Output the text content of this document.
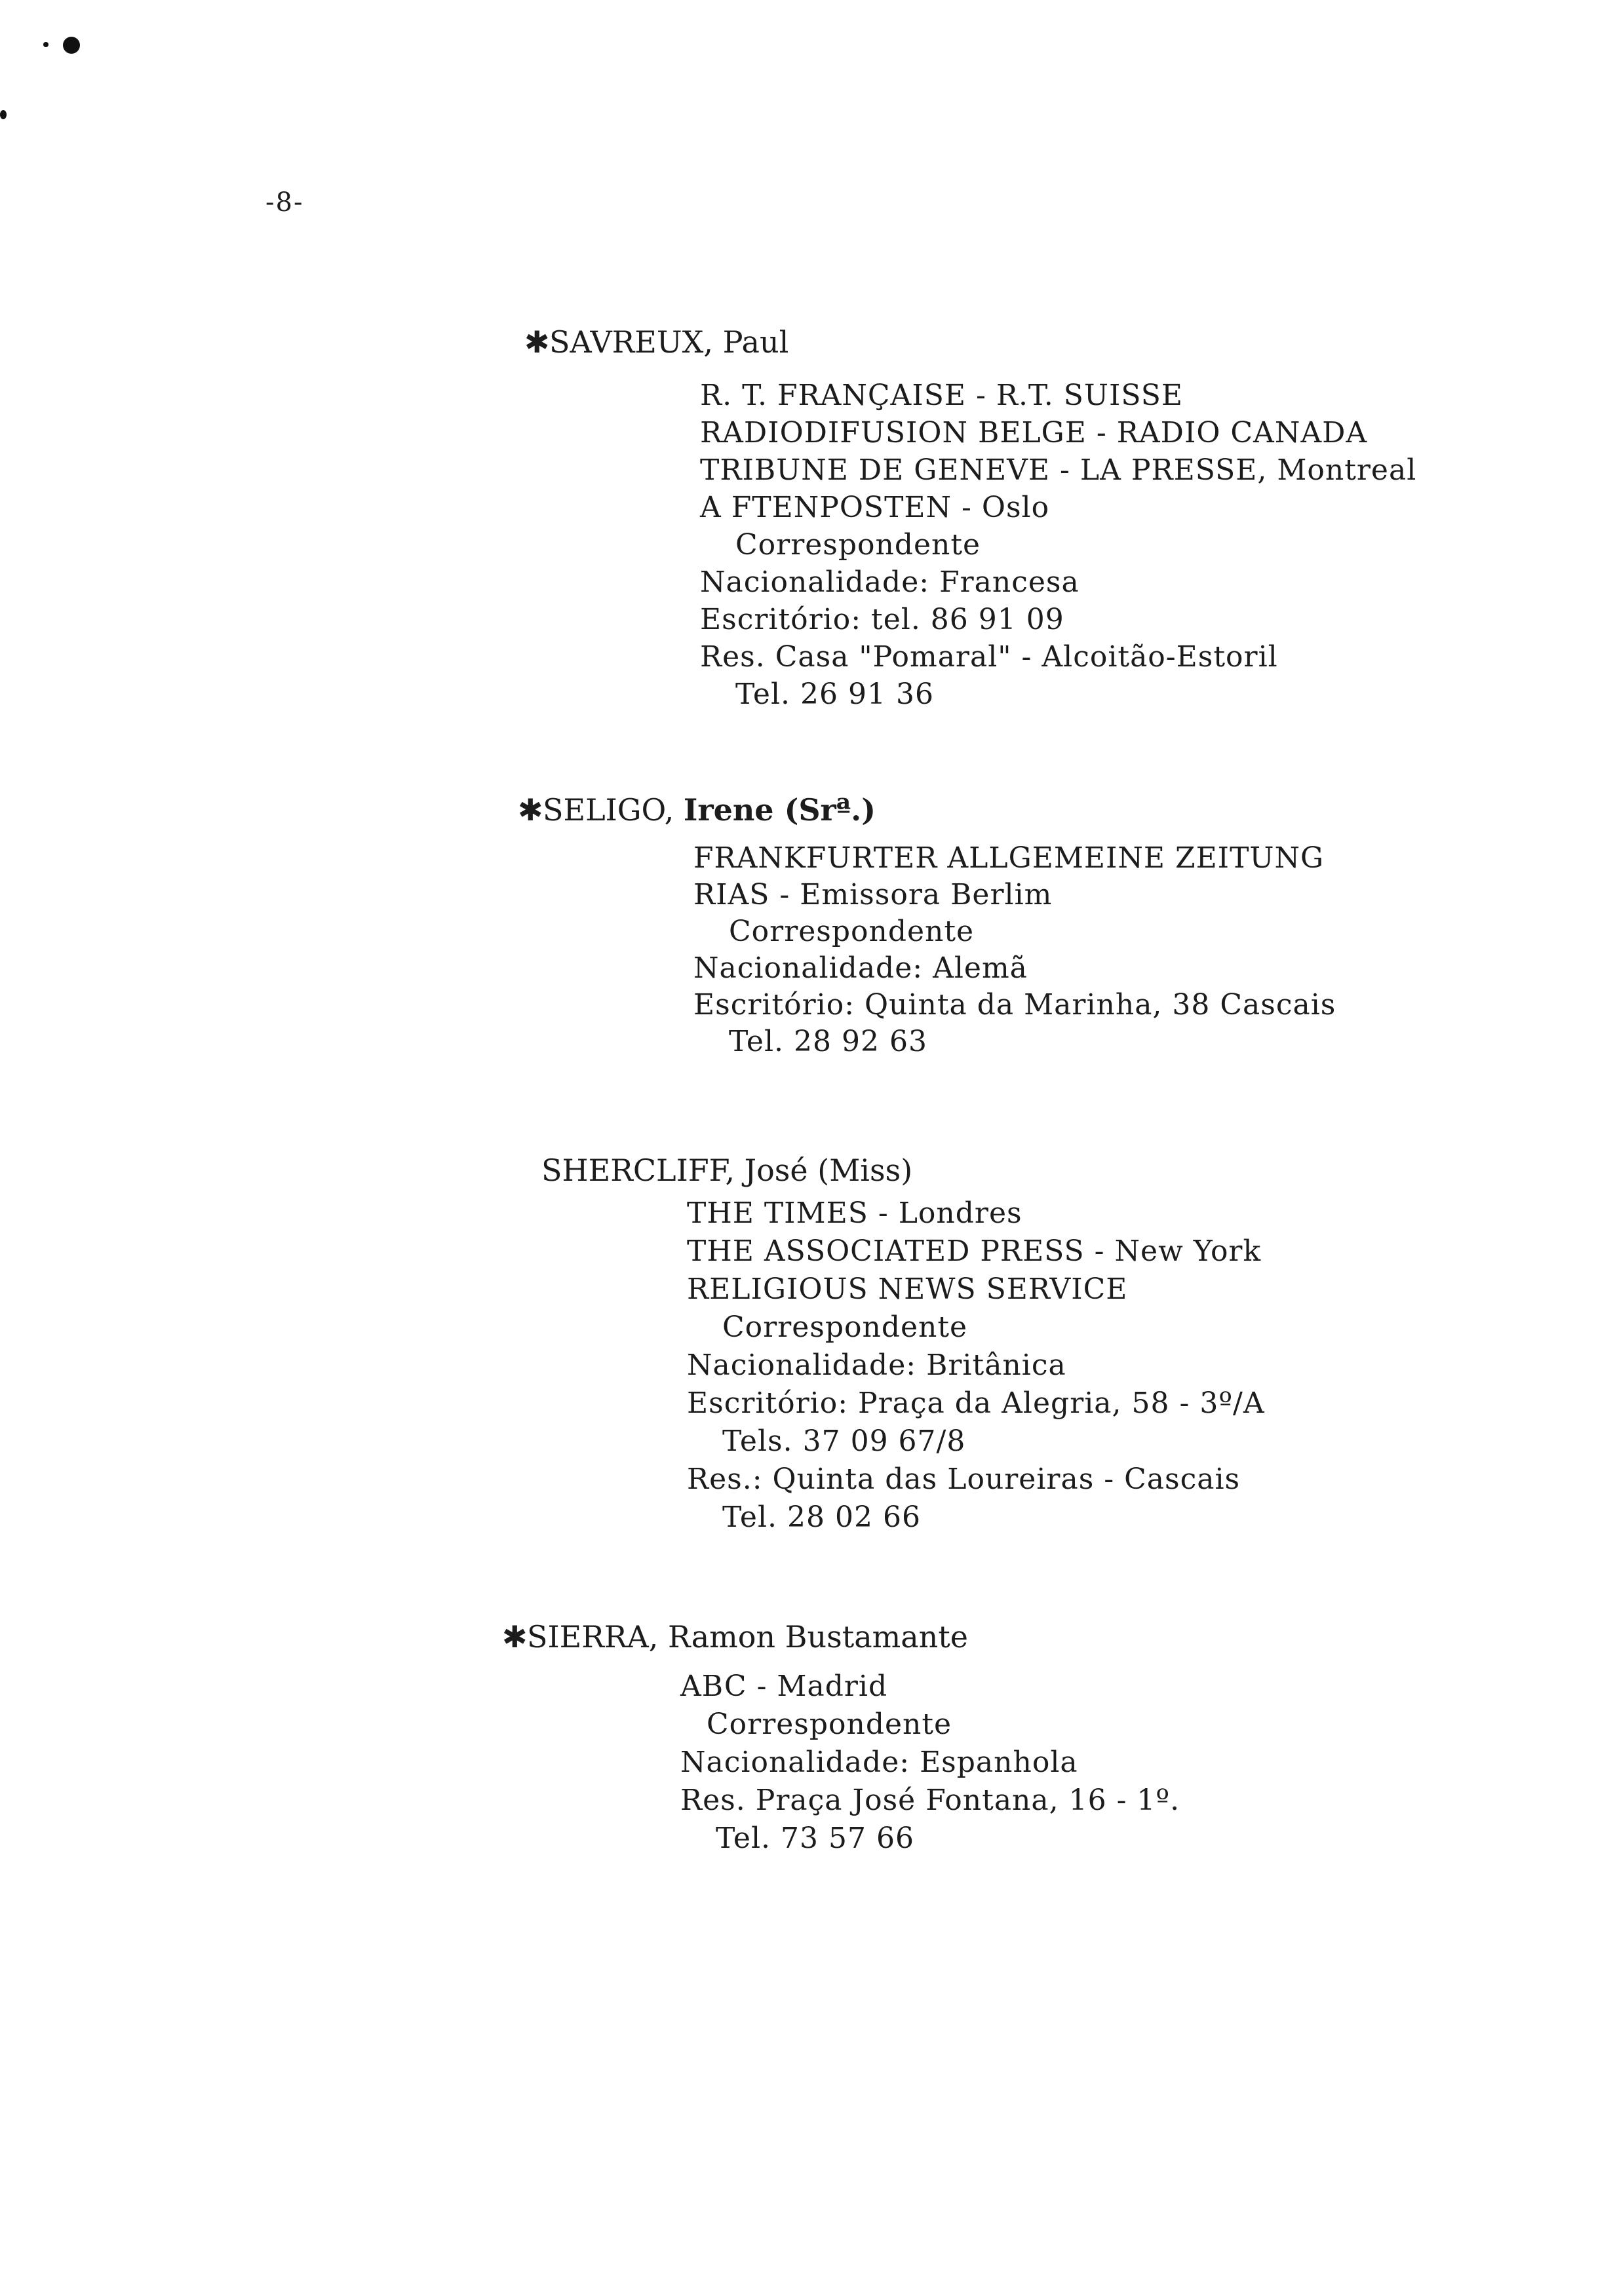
-8-
✱SAVREUX, Paul
R. T. FRANÇAISE - R.T. SUISSE
RADIODIFUSION BELGE - RADIO CANADA
TRIBUNE DE GENEVE - LA PRESSE, Montreal
A FTENPOSTEN - Oslo
Correspondente
Nacionalidade: Francesa
Escritório: tel. 86 91 09
Res. Casa "Pomaral" - Alcoitão-Estoril
Tel. 26 91 36
✱SELIGO, Irene (Srª.)
FRANKFURTER ALLGEMEINE ZEITUNG
RIAS - Emissora Berlim
Correspondente
Nacionalidade: Alemã
Escritório: Quinta da Marinha, 38 Cascais
Tel. 28 92 63
SHERCLIFF, José (Miss)
THE TIMES - Londres
THE ASSOCIATED PRESS - New York
RELIGIOUS NEWS SERVICE
Correspondente
Nacionalidade: Britânica
Escritório: Praça da Alegria, 58 - 3º/A
Tels. 37 09 67/8
Res.: Quinta das Loureiras - Cascais
Tel. 28 02 66
✱SIERRA, Ramon Bustamante
ABC - Madrid
Correspondente
Nacionalidade: Espanhola
Res. Praça José Fontana, 16 - 1º.
Tel. 73 57 66
